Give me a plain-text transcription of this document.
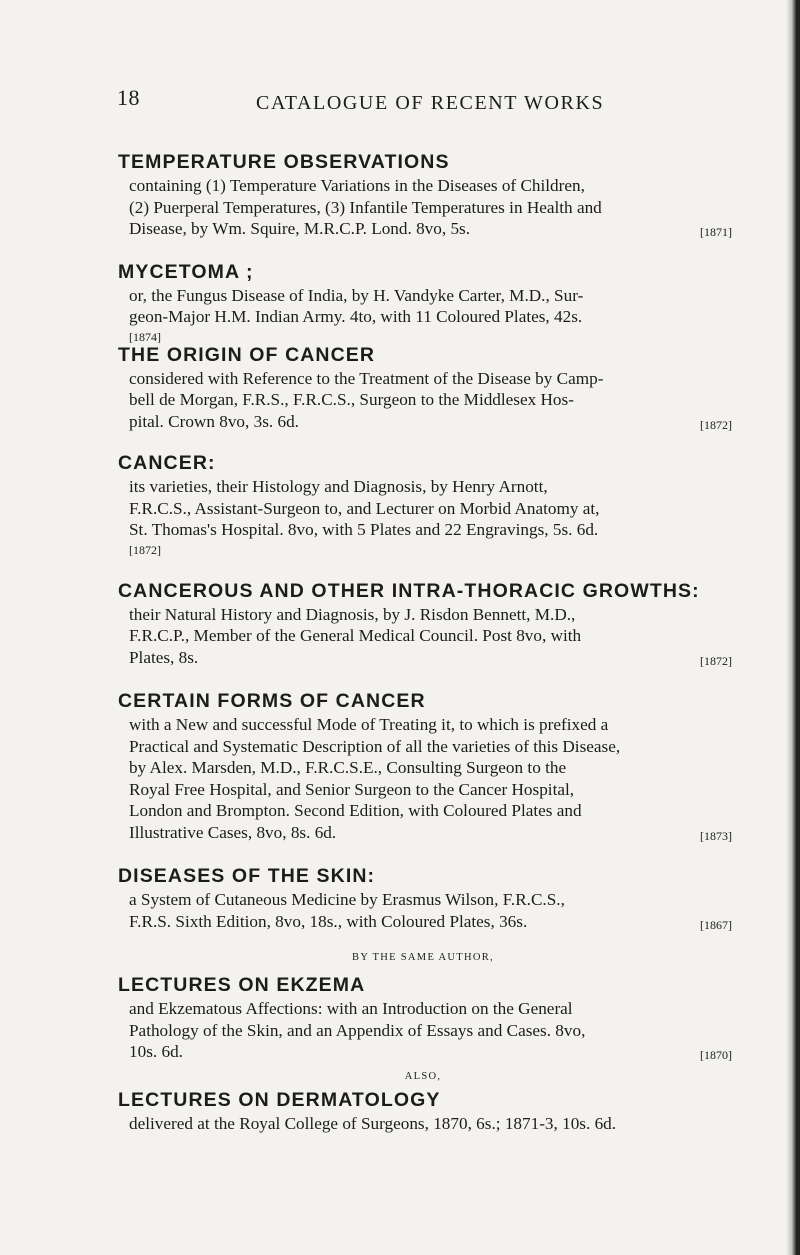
18	CATALOGUE OF RECENT WORKS

TEMPERATURE OBSERVATIONS

containing (1) Temperature Variations in the Diseases of Children,
(2) Puerperal Temperatures, (3) Infantile Temperatures in Health and
[1871]
Disease, by Wm. Squire, M.R.C.P. Lond. 8vo, 5s.

MYCETOMA ;

or, the Fungus Disease of India, by H. Vandyke Carter, M.D., Sur-
geon-Major H.M. Indian Army. 4to, with 11 Coloured Plates, 42s.
[1874]

THE ORIGIN OF CANCER

considered with Reference to the Treatment of the Disease by Camp-
bell de Morgan, F.R.S., F.R.C.S., Surgeon to the Middlesex Hos-
[1872]
pital. Crown 8vo, 3s. 6d.

CANCER:

its varieties, their Histology and Diagnosis, by Henry Arnott,
F.R.C.S., Assistant-Surgeon to, and Lecturer on Morbid Anatomy at,
St. Thomas's Hospital. 8vo, with 5 Plates and 22 Engravings, 5s. 6d.
[1872]

CANCEROUS AND OTHER INTRA-THORACIC GROWTHS:

their Natural History and Diagnosis, by J. Risdon Bennett, M.D.,
F.R.C.P., Member of the General Medical Council. Post 8vo, with
[1872]
Plates, 8s.

CERTAIN FORMS OF CANCER

with a New and successful Mode of Treating it, to which is prefixed a
Practical and Systematic Description of all the varieties of this Disease,
by Alex. Marsden, M.D., F.R.C.S.E., Consulting Surgeon to the
Royal Free Hospital, and Senior Surgeon to the Cancer Hospital,
London and Brompton. Second Edition, with Coloured Plates and
[1873]
Illustrative Cases, 8vo, 8s. 6d.

DISEASES OF THE SKIN:

a System of Cutaneous Medicine by Erasmus Wilson, F.R.C.S.,
[1867]
F.R.S. Sixth Edition, 8vo, 18s., with Coloured Plates, 36s.

BY THE SAME AUTHOR,

LECTURES ON EKZEMA

and Ekzematous Affections: with an Introduction on the General
Pathology of the Skin, and an Appendix of Essays and Cases. 8vo,
[1870]
10s. 6d.

ALSO,

LECTURES ON DERMATOLOGY

delivered at the Royal College of Surgeons, 1870, 6s.; 1871-3, 10s. 6d.
